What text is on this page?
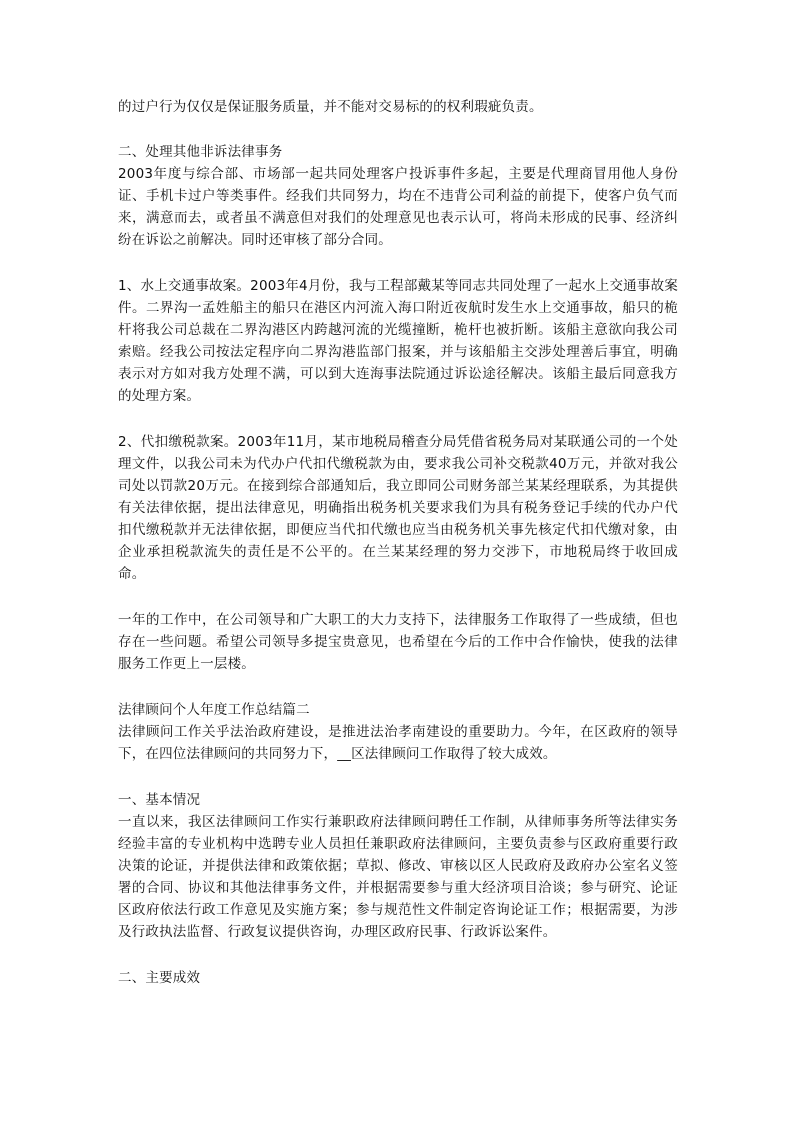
的过户行为仅仅是保证服务质量，并不能对交易标的的权利瑕疵负责。

二、处理其他非诉法律事务

2003年度与综合部、市场部一起共同处理客户投诉事件多起，主要是代理商冒用他人身份证、手机卡过户等类事件。经我们共同努力，均在不违背公司利益的前提下，使客户负气而来，满意而去，或者虽不满意但对我们的处理意见也表示认可，将尚未形成的民事、经济纠纷在诉讼之前解决。同时还审核了部分合同。

1、水上交通事故案。2003年4月份，我与工程部戴某等同志共同处理了一起水上交通事故案件。二界沟一孟姓船主的船只在港区内河流入海口附近夜航时发生水上交通事故，船只的桅杆将我公司总裁在二界沟港区内跨越河流的光缆撞断，桅杆也被折断。该船主意欲向我公司索赔。经我公司按法定程序向二界沟港监部门报案，并与该船船主交涉处理善后事宜，明确表示对方如对我方处理不满，可以到大连海事法院通过诉讼途径解决。该船主最后同意我方的处理方案。

2、代扣缴税款案。2003年11月，某市地税局稽查分局凭借省税务局对某联通公司的一个处理文件，以我公司未为代办户代扣代缴税款为由，要求我公司补交税款40万元，并欲对我公司处以罚款20万元。在接到综合部通知后，我立即同公司财务部兰某某经理联系，为其提供有关法律依据，提出法律意见，明确指出税务机关要求我们为具有税务登记手续的代办户代扣代缴税款并无法律依据，即便应当代扣代缴也应当由税务机关事先核定代扣代缴对象，由企业承担税款流失的责任是不公平的。在兰某某经理的努力交涉下，市地税局终于收回成命。

一年的工作中，在公司领导和广大职工的大力支持下，法律服务工作取得了一些成绩，但也存在一些问题。希望公司领导多提宝贵意见，也希望在今后的工作中合作愉快，使我的法律服务工作更上一层楼。

法律顾问个人年度工作总结篇二

法律顾问工作关乎法治政府建设，是推进法治孝南建设的重要助力。今年，在区政府的领导下，在四位法律顾问的共同努力下，__区法律顾问工作取得了较大成效。

一、基本情况

一直以来，我区法律顾问工作实行兼职政府法律顾问聘任工作制，从律师事务所等法律实务经验丰富的专业机构中选聘专业人员担任兼职政府法律顾问，主要负责参与区政府重要行政决策的论证，并提供法律和政策依据；草拟、修改、审核以区人民政府及政府办公室名义签署的合同、协议和其他法律事务文件，并根据需要参与重大经济项目洽谈；参与研究、论证区政府依法行政工作意见及实施方案；参与规范性文件制定咨询论证工作；根据需要，为涉及行政执法监督、行政复议提供咨询，办理区政府民事、行政诉讼案件。

二、主要成效
